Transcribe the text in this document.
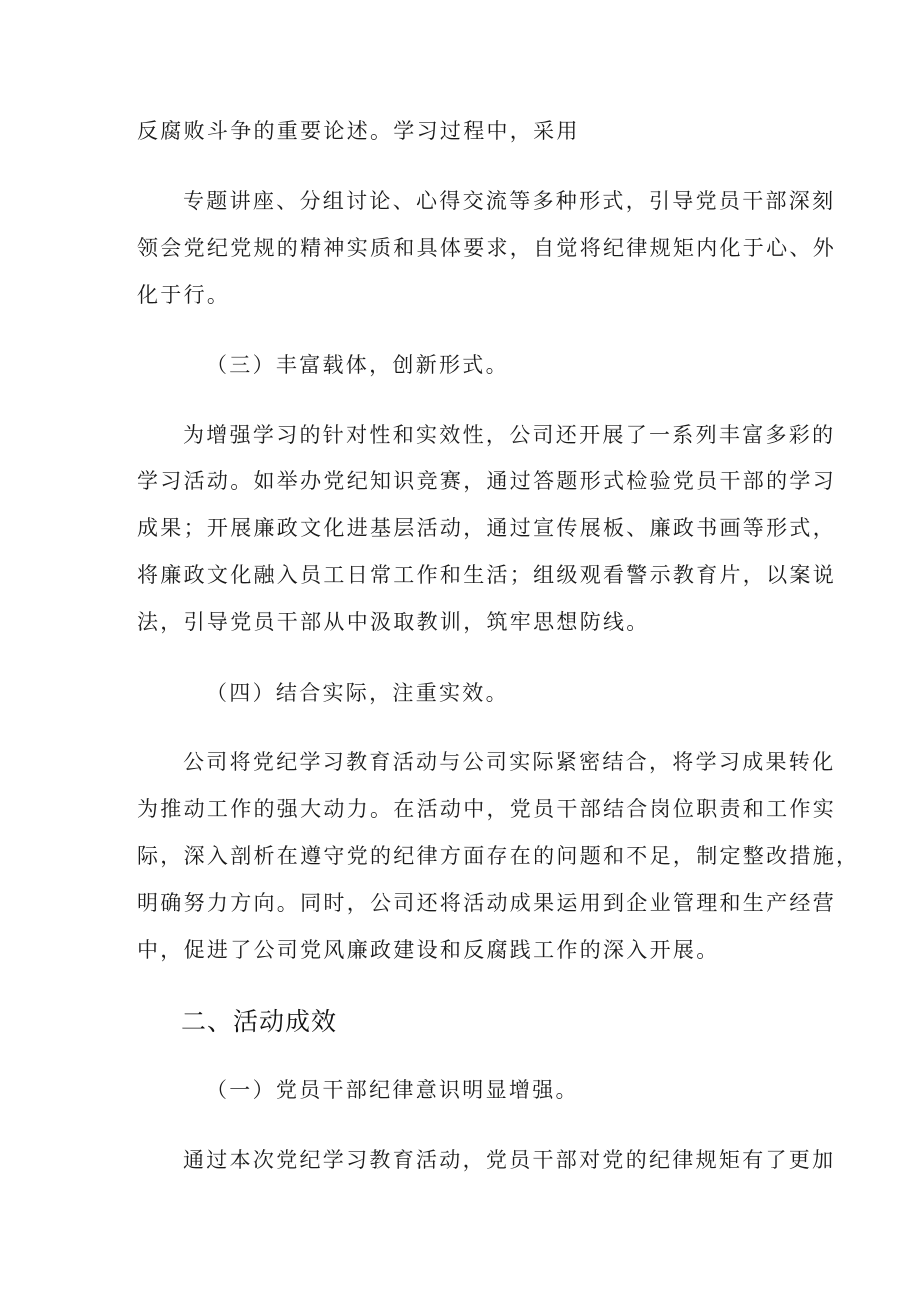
反腐败斗争的重要论述。学习过程中，采用
专题讲座、分组讨论、心得交流等多种形式，引导党员干部深刻
领会党纪党规的精神实质和具体要求，自觉将纪律规矩内化于心、外
化于行。
（三）丰富载体，创新形式。
为增强学习的针对性和实效性，公司还开展了一系列丰富多彩的
学习活动。如举办党纪知识竞赛，通过答题形式检验党员干部的学习
成果；开展廉政文化进基层活动，通过宣传展板、廉政书画等形式，
将廉政文化融入员工日常工作和生活；组级观看警示教育片，以案说
法，引导党员干部从中汲取教训，筑牢思想防线。
（四）结合实际，注重实效。
公司将党纪学习教育活动与公司实际紧密结合，将学习成果转化
为推动工作的强大动力。在活动中，党员干部结合岗位职责和工作实
际，深入剖析在遵守党的纪律方面存在的问题和不足，制定整改措施，
明确努力方向。同时，公司还将活动成果运用到企业管理和生产经营
中，促进了公司党风廉政建设和反腐践工作的深入开展。
二、活动成效
（一）党员干部纪律意识明显增强。
通过本次党纪学习教育活动，党员干部对党的纪律规矩有了更加
